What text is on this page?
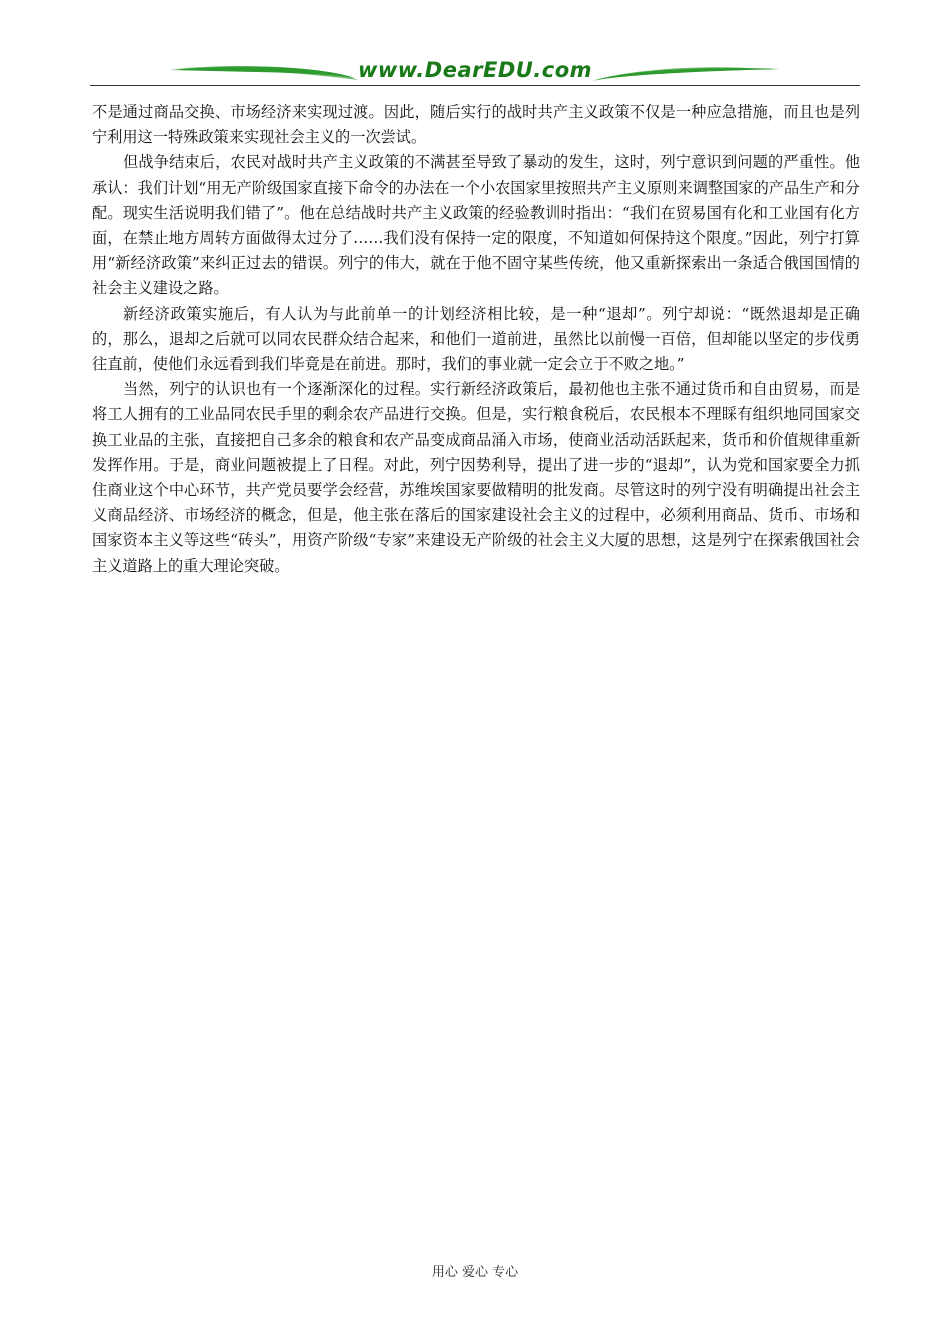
www.DearEDU.com

不是通过商品交换、市场经济来实现过渡。因此，随后实行的战时共产主义政策不仅是一种应急措施，而且也是列宁利用这一特殊政策来实现社会主义的一次尝试。

但战争结束后，农民对战时共产主义政策的不满甚至导致了暴动的发生，这时，列宁意识到问题的严重性。他承认：我们计划“用无产阶级国家直接下命令的办法在一个小农国家里按照共产主义原则来调整国家的产品生产和分配。现实生活说明我们错了”。他在总结战时共产主义政策的经验教训时指出：“我们在贸易国有化和工业国有化方面，在禁止地方周转方面做得太过分了……我们没有保持一定的限度，不知道如何保持这个限度。”因此，列宁打算用“新经济政策”来纠正过去的错误。列宁的伟大，就在于他不固守某些传统，他又重新探索出一条适合俄国国情的社会主义建设之路。

新经济政策实施后，有人认为与此前单一的计划经济相比较，是一种“退却”。列宁却说：“既然退却是正确的，那么，退却之后就可以同农民群众结合起来，和他们一道前进，虽然比以前慢一百倍，但却能以坚定的步伐勇往直前，使他们永远看到我们毕竟是在前进。那时，我们的事业就一定会立于不败之地。”

当然，列宁的认识也有一个逐渐深化的过程。实行新经济政策后，最初他也主张不通过货币和自由贸易，而是将工人拥有的工业品同农民手里的剩余农产品进行交换。但是，实行粮食税后，农民根本不理睬有组织地同国家交换工业品的主张，直接把自己多余的粮食和农产品变成商品涌入市场，使商业活动活跃起来，货币和价值规律重新发挥作用。于是，商业问题被提上了日程。对此，列宁因势利导，提出了进一步的“退却”，认为党和国家要全力抓住商业这个中心环节，共产党员要学会经营，苏维埃国家要做精明的批发商。尽管这时的列宁没有明确提出社会主义商品经济、市场经济的概念，但是，他主张在落后的国家建设社会主义的过程中，必须利用商品、货币、市场和国家资本主义等这些“砖头”，用资产阶级“专家”来建设无产阶级的社会主义大厦的思想，这是列宁在探索俄国社会主义道路上的重大理论突破。

用心 爱心 专心
